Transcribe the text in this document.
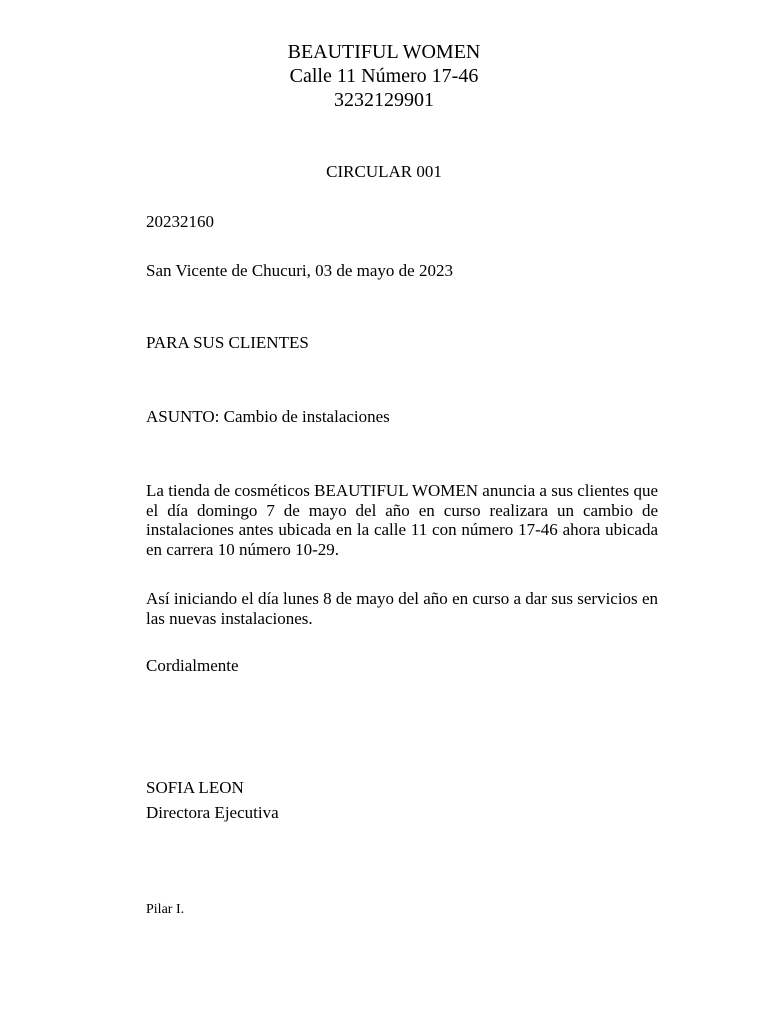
BEAUTIFUL WOMEN
Calle 11 Número 17-46
3232129901
CIRCULAR 001
20232160
San Vicente de Chucuri, 03 de mayo de 2023
PARA SUS CLIENTES
ASUNTO: Cambio de instalaciones

La tienda de cosméticos BEAUTIFUL WOMEN anuncia a sus clientes que el día domingo 7 de mayo del año en curso realizara un cambio de instalaciones antes ubicada en la calle 11 con número 17-46 ahora ubicada en carrera 10 número 10-29.

Así iniciando el día lunes 8 de mayo del año en curso a dar sus servicios en las nuevas instalaciones.

Cordialmente
SOFIA LEON
Directora Ejecutiva
Pilar I.
